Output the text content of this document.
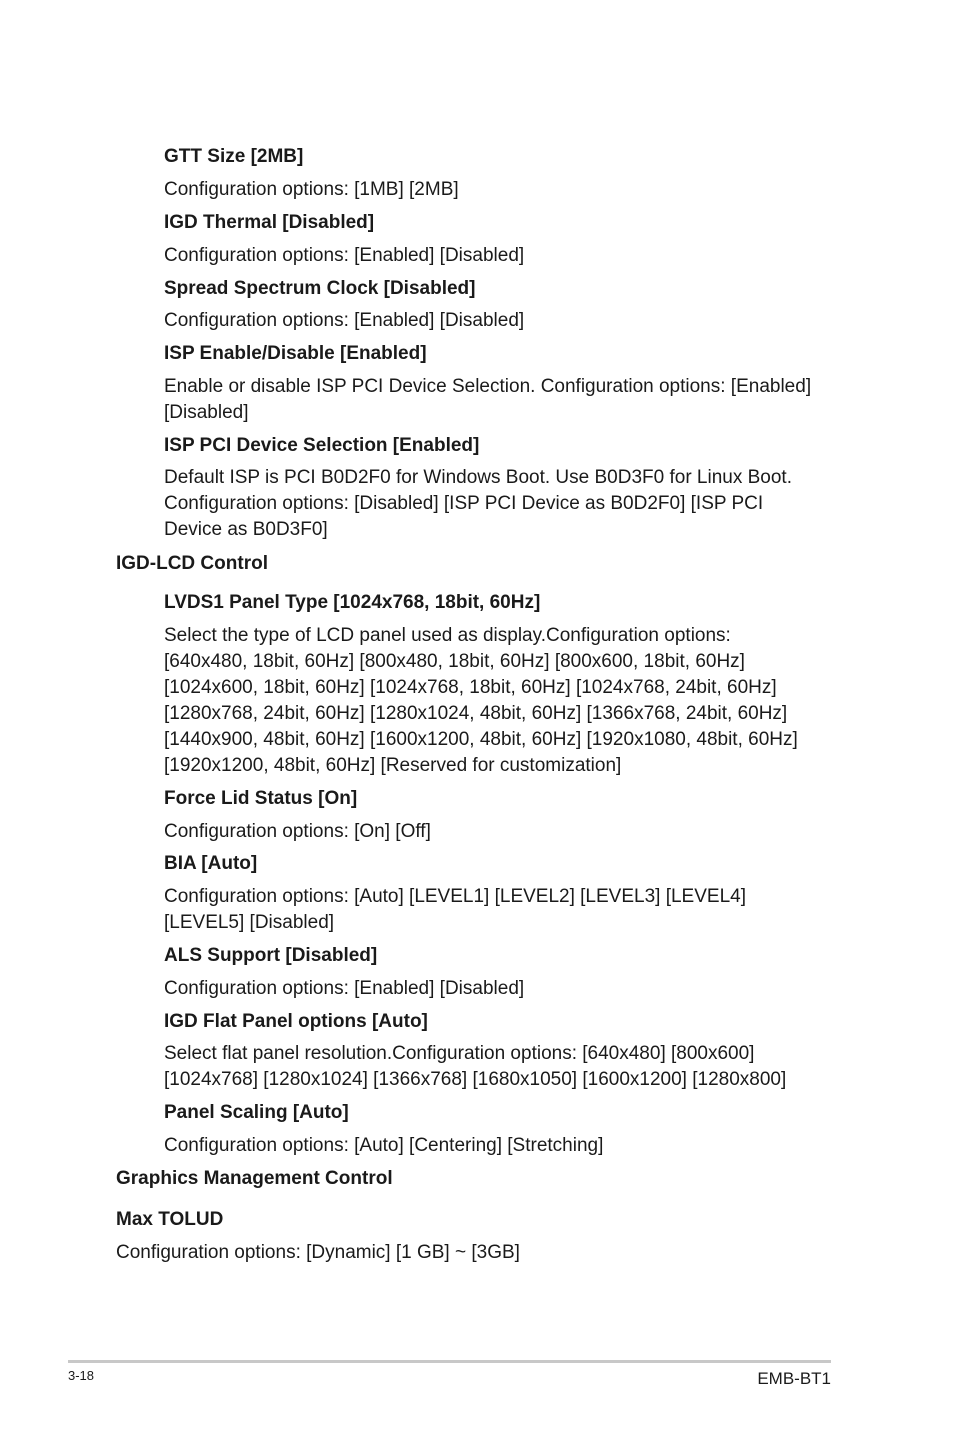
GTT Size [2MB]
Configuration options: [1MB] [2MB]
IGD Thermal [Disabled]
Configuration options: [Enabled] [Disabled]
Spread Spectrum Clock [Disabled]
Configuration options: [Enabled] [Disabled]
ISP Enable/Disable [Enabled]
Enable or disable ISP PCI Device Selection. Configuration options: [Enabled]
[Disabled]
ISP PCI Device Selection [Enabled]
Default ISP is PCI B0D2F0 for Windows Boot. Use B0D3F0 for Linux Boot.
Configuration options: [Disabled] [ISP PCI Device as B0D2F0] [ISP PCI
Device as B0D3F0]
IGD-LCD Control
LVDS1 Panel Type [1024x768, 18bit, 60Hz]
Select the type of LCD panel used as display.Configuration options:
[640x480, 18bit, 60Hz] [800x480, 18bit, 60Hz] [800x600, 18bit, 60Hz]
[1024x600, 18bit, 60Hz] [1024x768, 18bit, 60Hz] [1024x768, 24bit, 60Hz]
[1280x768, 24bit, 60Hz] [1280x1024, 48bit, 60Hz] [1366x768, 24bit, 60Hz]
[1440x900, 48bit, 60Hz] [1600x1200, 48bit, 60Hz] [1920x1080, 48bit, 60Hz]
[1920x1200, 48bit, 60Hz] [Reserved for customization]
Force Lid Status [On]
Configuration options: [On] [Off]
BIA [Auto]
Configuration options: [Auto] [LEVEL1] [LEVEL2] [LEVEL3] [LEVEL4]
[LEVEL5] [Disabled]
ALS Support [Disabled]
Configuration options: [Enabled] [Disabled]
IGD Flat Panel options [Auto]
Select flat panel resolution.Configuration options: [640x480] [800x600]
[1024x768] [1280x1024] [1366x768] [1680x1050] [1600x1200] [1280x800]
Panel Scaling [Auto]
Configuration options: [Auto] [Centering] [Stretching]
Graphics Management Control
Max TOLUD
Configuration options: [Dynamic] [1 GB] ~ [3GB]
3-18	EMB-BT1
